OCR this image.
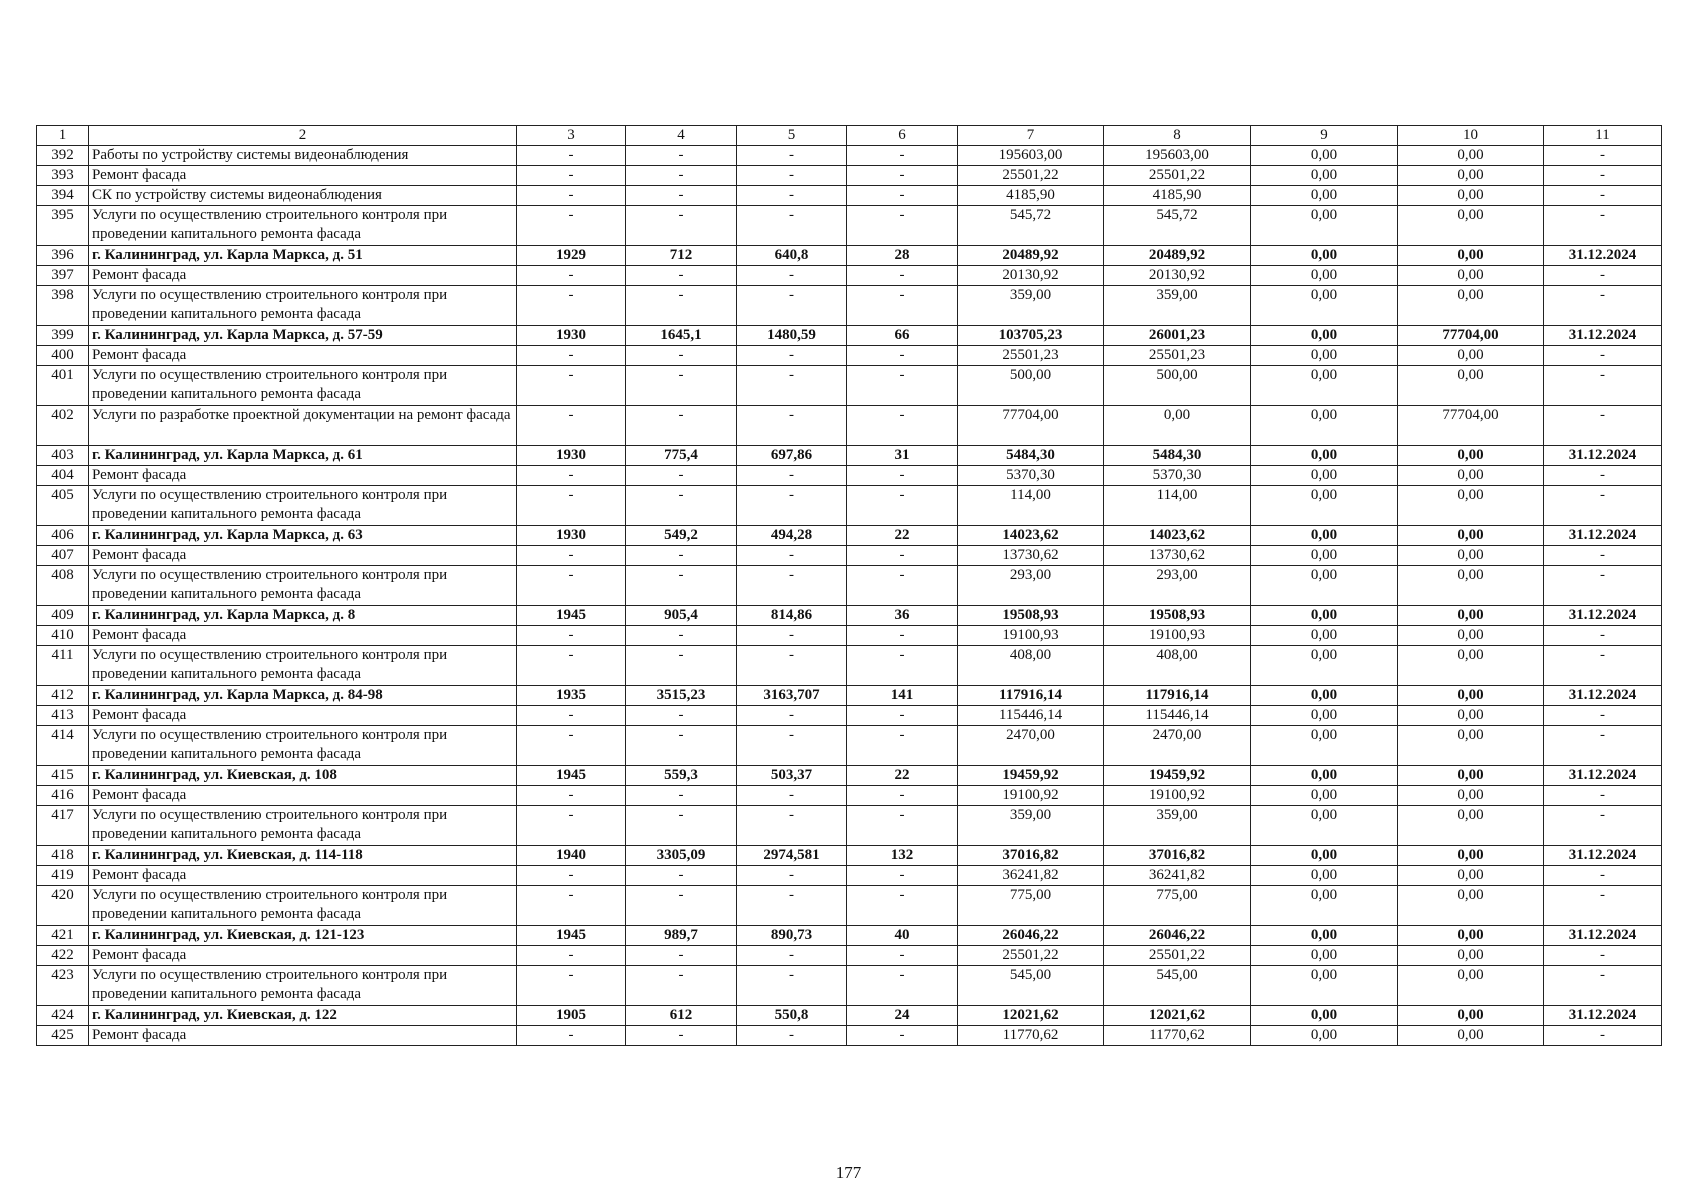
1	2	3	4	5	6	7	8	9	10	11
392	Работы по устройству системы видеонаблюдения	-	-	-	-	195603,00	195603,00	0,00	0,00	-
393	Ремонт фасада	-	-	-	-	25501,22	25501,22	0,00	0,00	-
394	СК по устройству системы видеонаблюдения	-	-	-	-	4185,90	4185,90	0,00	0,00	-
395	Услуги по осуществлению строительного контроля при проведении капитального ремонта фасада	-	-	-	-	545,72	545,72	0,00	0,00	-
396	г. Калининград, ул. Карла Маркса, д. 51	1929	712	640,8	28	20489,92	20489,92	0,00	0,00	31.12.2024
397	Ремонт фасада	-	-	-	-	20130,92	20130,92	0,00	0,00	-
398	Услуги по осуществлению строительного контроля при проведении капитального ремонта фасада	-	-	-	-	359,00	359,00	0,00	0,00	-
399	г. Калининград, ул. Карла Маркса, д. 57-59	1930	1645,1	1480,59	66	103705,23	26001,23	0,00	77704,00	31.12.2024
400	Ремонт фасада	-	-	-	-	25501,23	25501,23	0,00	0,00	-
401	Услуги по осуществлению строительного контроля при проведении капитального ремонта фасада	-	-	-	-	500,00	500,00	0,00	0,00	-
402	Услуги по разработке проектной документации на ремонт фасада	-	-	-	-	77704,00	0,00	0,00	77704,00	-
403	г. Калининград, ул. Карла Маркса, д. 61	1930	775,4	697,86	31	5484,30	5484,30	0,00	0,00	31.12.2024
404	Ремонт фасада	-	-	-	-	5370,30	5370,30	0,00	0,00	-
405	Услуги по осуществлению строительного контроля при проведении капитального ремонта фасада	-	-	-	-	114,00	114,00	0,00	0,00	-
406	г. Калининград, ул. Карла Маркса, д. 63	1930	549,2	494,28	22	14023,62	14023,62	0,00	0,00	31.12.2024
407	Ремонт фасада	-	-	-	-	13730,62	13730,62	0,00	0,00	-
408	Услуги по осуществлению строительного контроля при проведении капитального ремонта фасада	-	-	-	-	293,00	293,00	0,00	0,00	-
409	г. Калининград, ул. Карла Маркса, д. 8	1945	905,4	814,86	36	19508,93	19508,93	0,00	0,00	31.12.2024
410	Ремонт фасада	-	-	-	-	19100,93	19100,93	0,00	0,00	-
411	Услуги по осуществлению строительного контроля при проведении капитального ремонта фасада	-	-	-	-	408,00	408,00	0,00	0,00	-
412	г. Калининград, ул. Карла Маркса, д. 84-98	1935	3515,23	3163,707	141	117916,14	117916,14	0,00	0,00	31.12.2024
413	Ремонт фасада	-	-	-	-	115446,14	115446,14	0,00	0,00	-
414	Услуги по осуществлению строительного контроля при проведении капитального ремонта фасада	-	-	-	-	2470,00	2470,00	0,00	0,00	-
415	г. Калининград, ул. Киевская, д. 108	1945	559,3	503,37	22	19459,92	19459,92	0,00	0,00	31.12.2024
416	Ремонт фасада	-	-	-	-	19100,92	19100,92	0,00	0,00	-
417	Услуги по осуществлению строительного контроля при проведении капитального ремонта фасада	-	-	-	-	359,00	359,00	0,00	0,00	-
418	г. Калининград, ул. Киевская, д. 114-118	1940	3305,09	2974,581	132	37016,82	37016,82	0,00	0,00	31.12.2024
419	Ремонт фасада	-	-	-	-	36241,82	36241,82	0,00	0,00	-
420	Услуги по осуществлению строительного контроля при проведении капитального ремонта фасада	-	-	-	-	775,00	775,00	0,00	0,00	-
421	г. Калининград, ул. Киевская, д. 121-123	1945	989,7	890,73	40	26046,22	26046,22	0,00	0,00	31.12.2024
422	Ремонт фасада	-	-	-	-	25501,22	25501,22	0,00	0,00	-
423	Услуги по осуществлению строительного контроля при проведении капитального ремонта фасада	-	-	-	-	545,00	545,00	0,00	0,00	-
424	г. Калининград, ул. Киевская, д. 122	1905	612	550,8	24	12021,62	12021,62	0,00	0,00	31.12.2024
425	Ремонт фасада	-	-	-	-	11770,62	11770,62	0,00	0,00	-
177
